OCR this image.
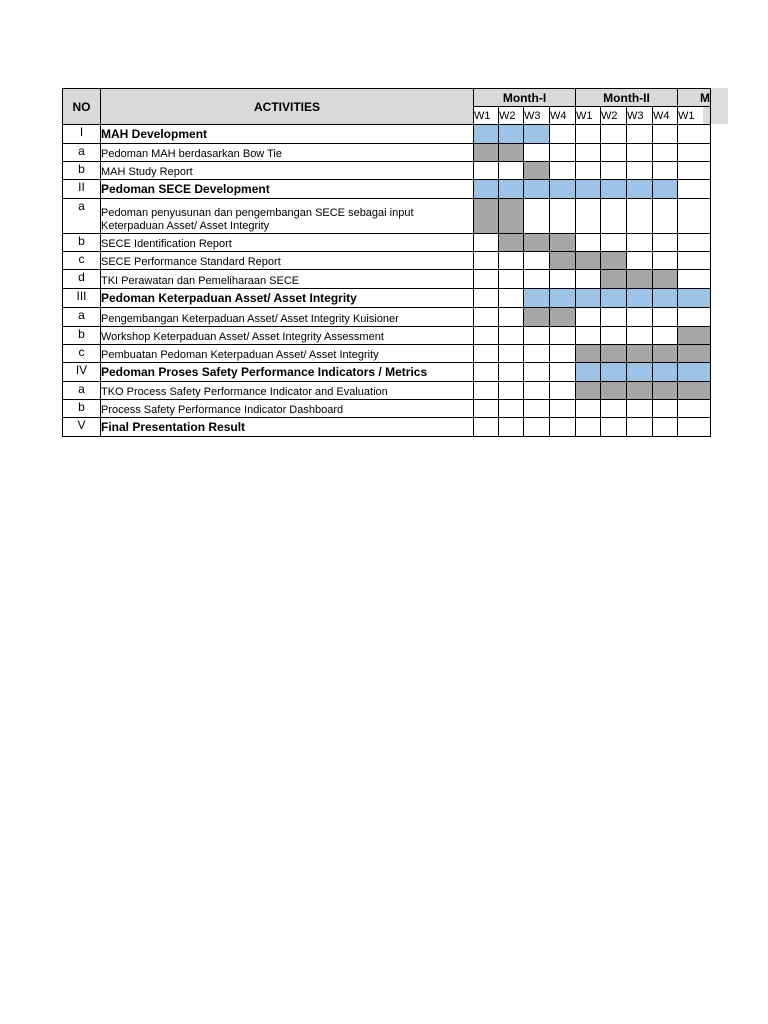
NO	ACTIVITIES	Month-I				Month-II				M
		W1	W2	W3	W4	W1	W2	W3	W4	W1
I	MAH Development									
a	Pedoman MAH berdasarkan Bow Tie									
b	MAH Study Report									
II	Pedoman SECE Development									
a	Pedoman penyusunan dan pengembangan SECE sebagai input Keterpaduan Asset/ Asset Integrity									
b	SECE Identification Report									
c	SECE Performance Standard Report									
d	TKI Perawatan dan Pemeliharaan SECE									
III	Pedoman Keterpaduan Asset/ Asset Integrity									
a	Pengembangan Keterpaduan Asset/ Asset Integrity Kuisioner									
b	Workshop Keterpaduan Asset/ Asset Integrity Assessment									
c	Pembuatan Pedoman Keterpaduan Asset/ Asset Integrity									
IV	Pedoman Proses Safety Performance Indicators / Metrics									
a	TKO Process Safety Performance Indicator and Evaluation									
b	Process Safety Performance Indicator Dashboard									
V	Final Presentation Result									
